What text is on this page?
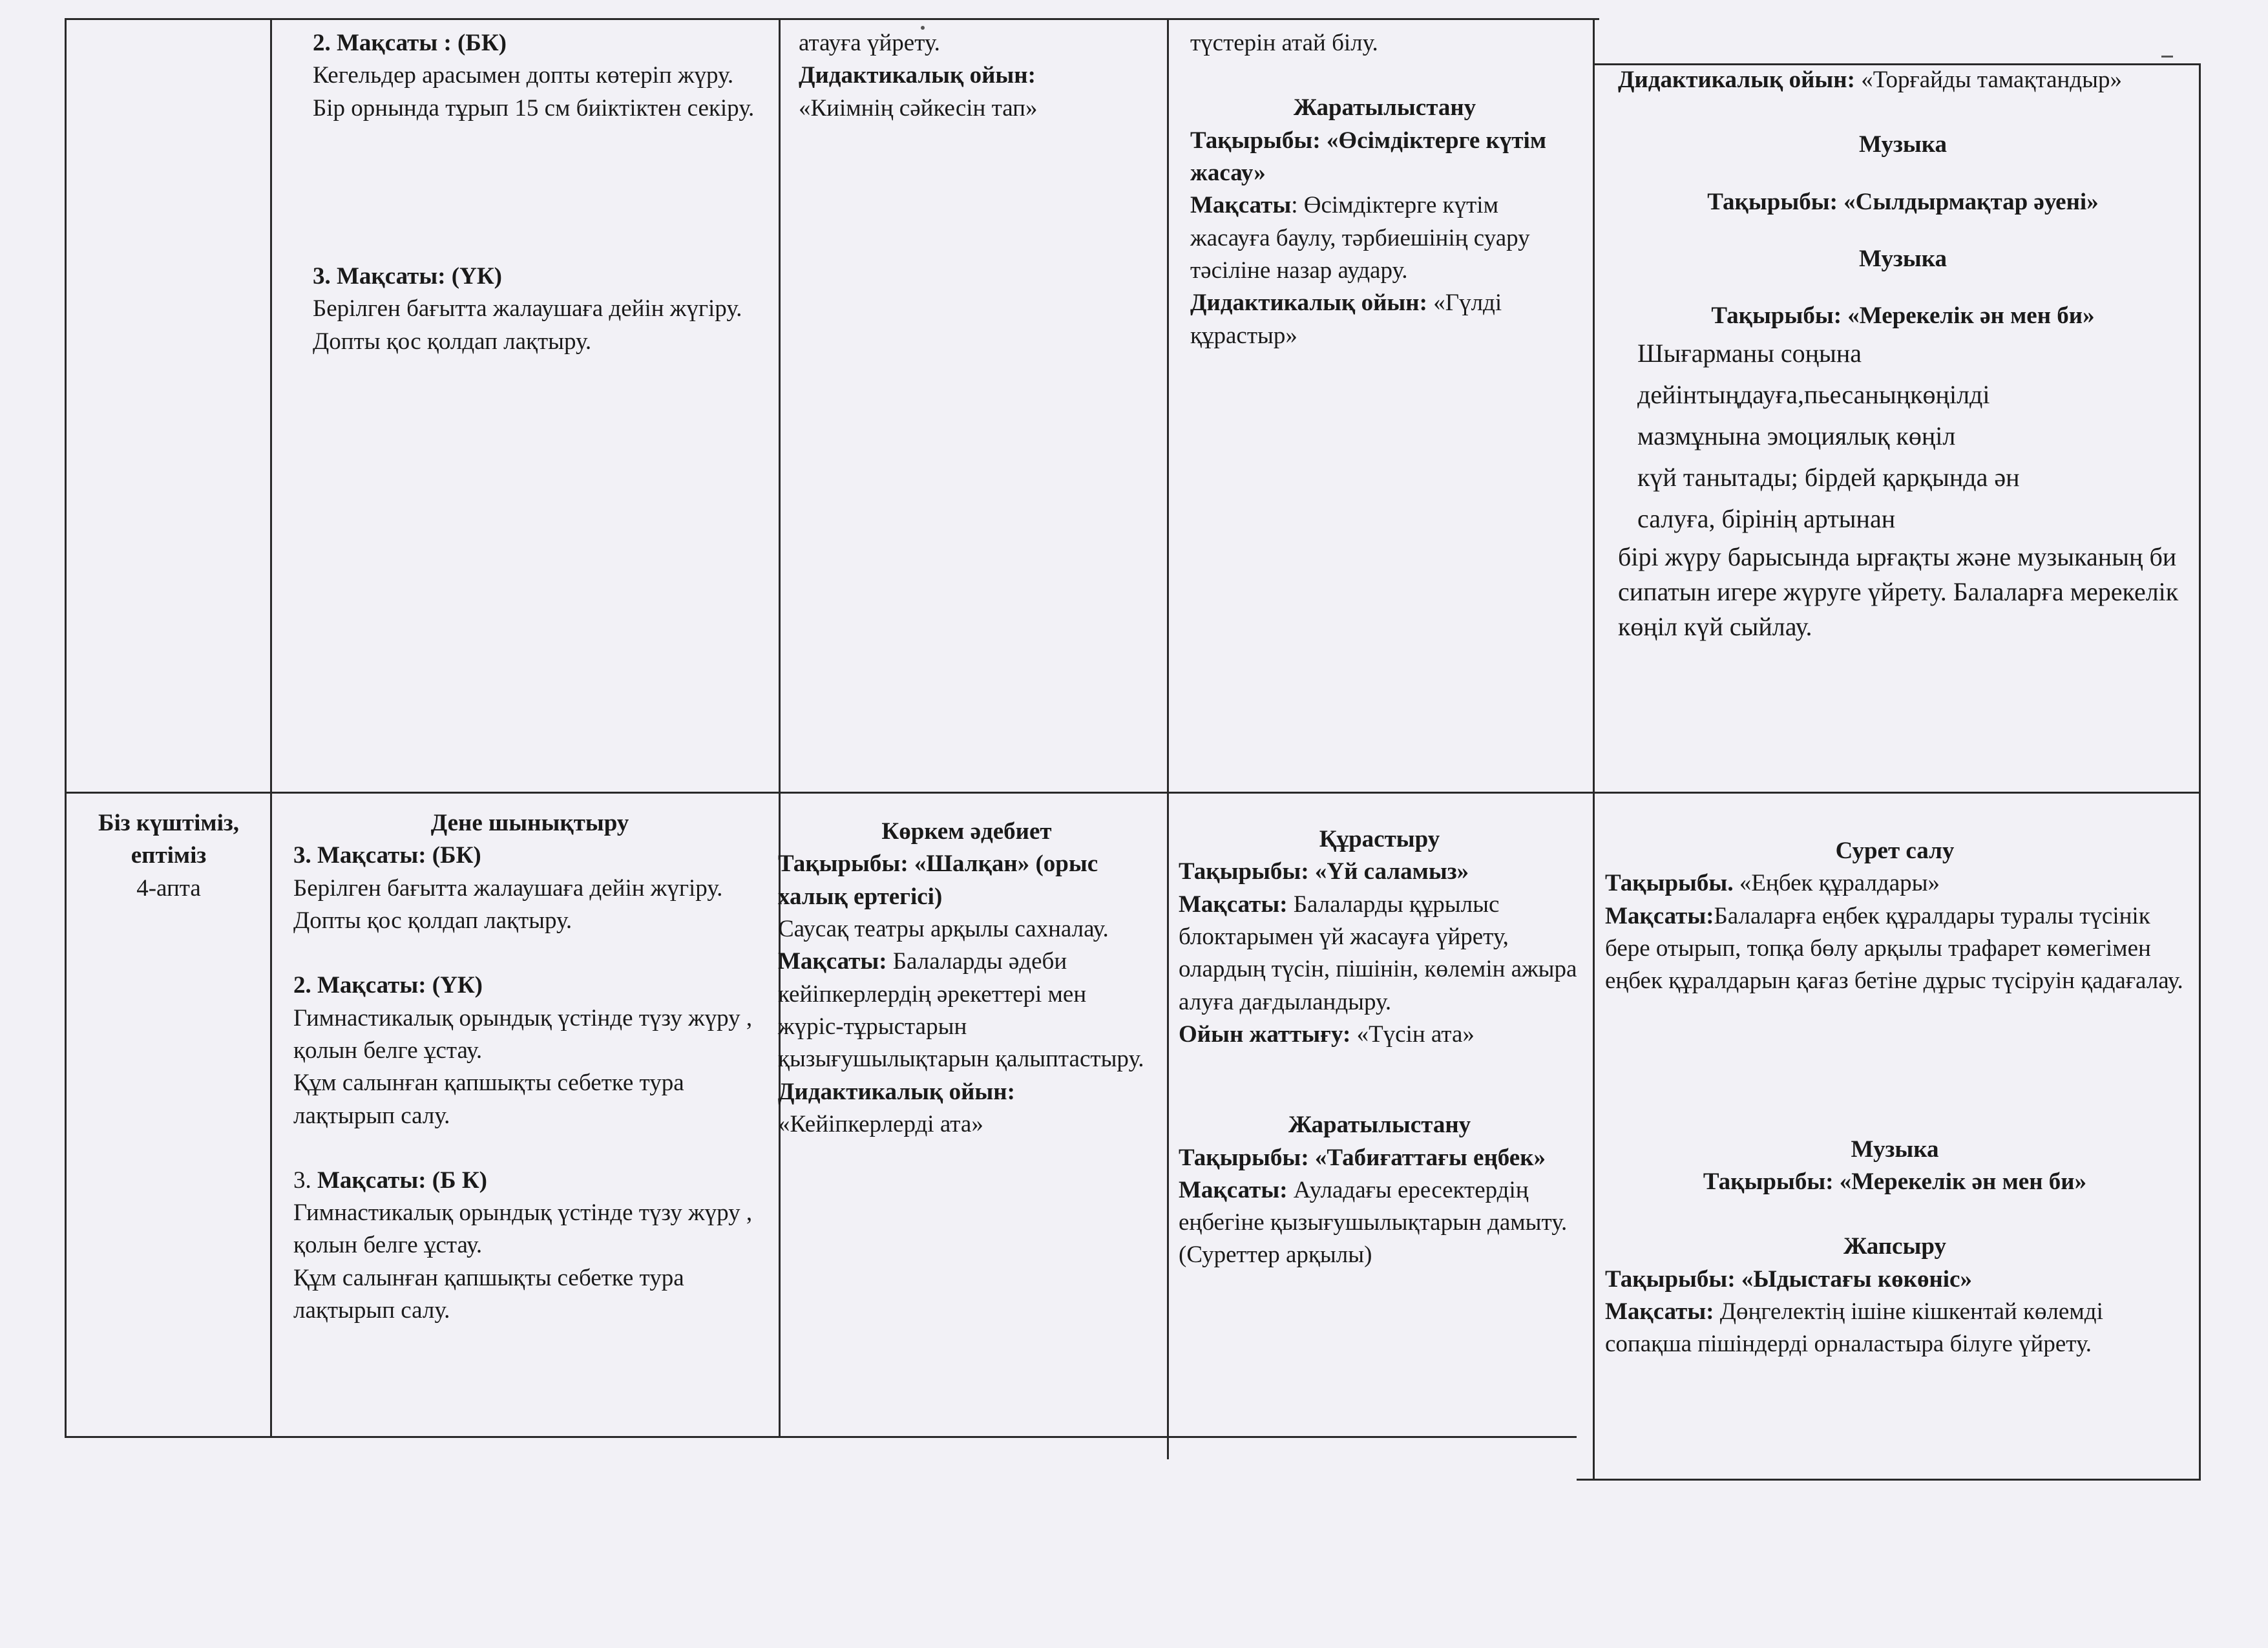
2. Мақсаты : (БК)

Кегельдер арасымен допты көтеріп жүру. Бір орнында тұрып 15 см биіктіктен секіру.

3. Мақсаты: (ҮК)

Берілген бағытта жалаушаға дейін жүгіру.

Допты қос қолдап лақтыру.

атауға үйрету.

Дидактикалық ойын:

«Киімнің сәйкесін тап»

түстерін атай білу.

Жаратылыстану

Тақырыбы: «Өсімдіктерге күтім жасау»

Мақсаты: Өсімдіктерге күтім жасауға баулу, тәрбиешінің суару тәсіліне назар аудару.

Дидактикалық ойын: «Гүлді құрастыр»

Дидактикалық ойын: «Торғайды тамақтандыр»

Музыка

Тақырыбы: «Сылдырмақтар әуені»

Музыка

Тақырыбы: «Мерекелік ән мен би»

Шығарманы соңына

дейінтыңдауға,пьесаныңкөңілді

мазмұнына эмоциялық көңіл

күй танытады; бірдей қарқында ән

салуға, бірінің артынан

бірі жүру барысында ырғақты және музыканың би сипатын игере жүруге үйрету. Балаларға мерекелік көңіл күй сыйлау.

Біз күштіміз, ептіміз

4-апта

Дене шынықтыру

3. Мақсаты: (БК)

Берілген бағытта жалаушаға дейін жүгіру.

Допты қос қолдап лақтыру.

2. Мақсаты: (ҮК)

Гимнастикалық орындық үстінде түзу жүру , қолын белге ұстау.

Құм салынған қапшықты себетке тура лақтырып салу.

3. Мақсаты: (Б К)

Гимнастикалық орындық үстінде түзу жүру , қолын белге ұстау.

Құм салынған қапшықты себетке тура лақтырып салу.

Көркем әдебиет

Тақырыбы: «Шалқан» (орыс халық ертегісі)

Саусақ театры арқылы сахналау.

Мақсаты: Балаларды әдеби кейіпкерлердің әрекеттері мен жүріс-тұрыстарын қызығушылықтарын қалыптастыру.

Дидактикалық ойын:

«Кейіпкерлерді ата»

Құрастыру

Тақырыбы: «Үй саламыз»

Мақсаты: Балаларды құрылыс блоктарымен үй жасауға үйрету, олардың түсін, пішінін, көлемін ажыра алуға дағдыландыру.

Ойын жаттығу: «Түсін ата»

Жаратылыстану

Тақырыбы: «Табиғаттағы еңбек»

Мақсаты: Ауладағы ересектердің еңбегіне қызығушылықтарын дамыту. (Суреттер арқылы)

Сурет салу

Тақырыбы. «Еңбек құралдары»

Мақсаты:Балаларға еңбек құралдары туралы түсінік бере отырып, топқа бөлу арқылы трафарет көмегімен еңбек құралдарын қағаз бетіне дұрыс түсіруін қадағалау.

Музыка

Тақырыбы: «Мерекелік ән мен би»

Жапсыру

Тақырыбы: «Ыдыстағы көкөніс»

Мақсаты: Дөңгелектің ішіне кішкентай көлемді сопақша пішіндерді орналастыра білуге үйрету.
